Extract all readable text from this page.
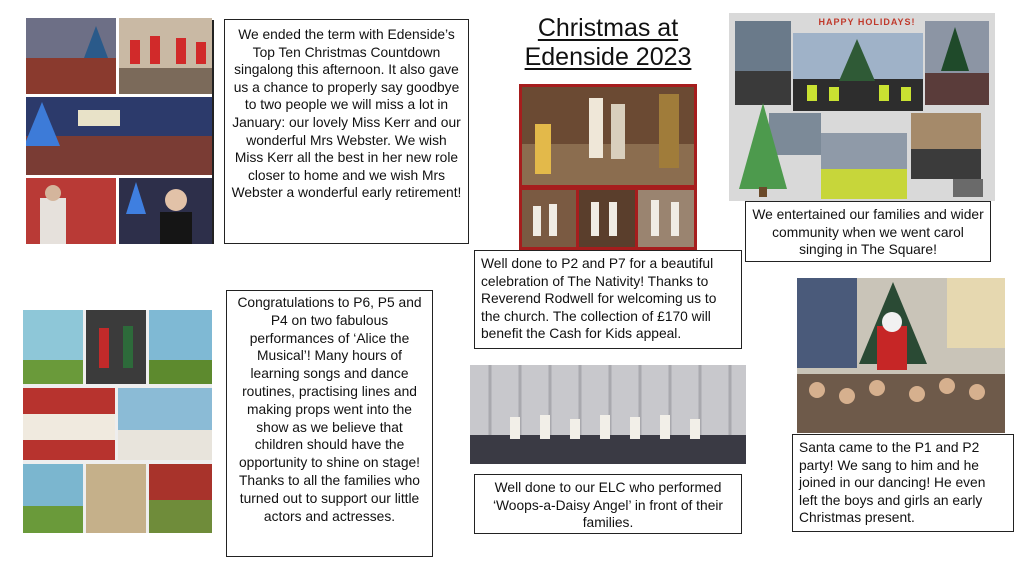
Christmas at
Edenside 2023
We ended the term with Edenside’s Top Ten Christmas Countdown singalong this afternoon. It also gave us a chance to properly say goodbye to two people we will miss a lot in January: our lovely Miss Kerr and our wonderful Mrs Webster. We wish Miss Kerr all the best in her new role closer to home and we wish Mrs Webster a wonderful early retirement!
Well done to P2 and P7 for a beautiful celebration of The Nativity! Thanks to Reverend Rodwell for welcoming us to the church. The collection of £170 will benefit the Cash for Kids appeal.
HAPPY HOLIDAYS!
We entertained our families and wider community when we went carol singing in The Square!
Congratulations to P6, P5 and P4 on two fabulous performances of ‘Alice the Musical’! Many hours of learning songs and dance routines, practising lines and making props went into the show as we believe that children should have the opportunity to shine on stage! Thanks to all the families who turned out to support our little actors and actresses.
Well done to our ELC who performed ‘Woops-a-Daisy Angel’ in front of their families.
Santa came to the P1 and P2 party! We sang to him and he joined in our dancing! He even left the boys and girls an early Christmas present.
